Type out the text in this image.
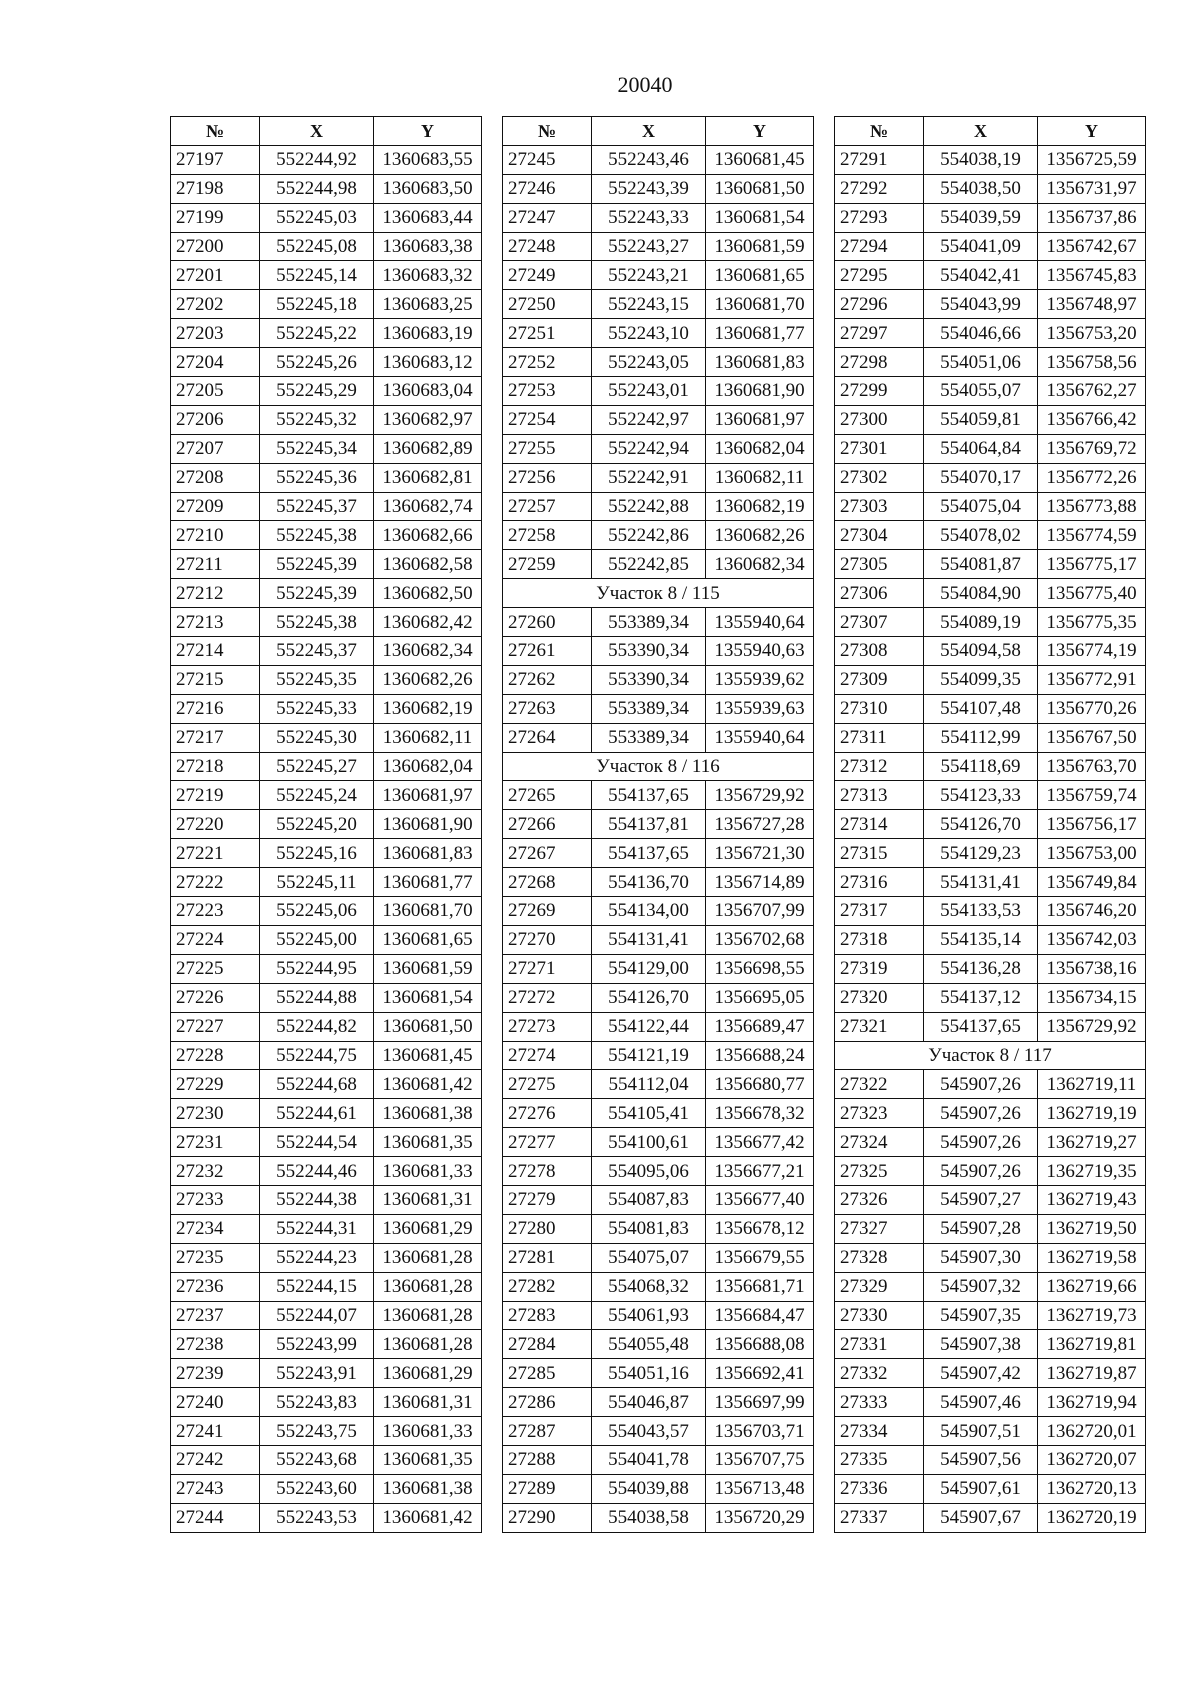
20040
№	X	Y
27197	552244,92	1360683,55
27198	552244,98	1360683,50
27199	552245,03	1360683,44
27200	552245,08	1360683,38
27201	552245,14	1360683,32
27202	552245,18	1360683,25
27203	552245,22	1360683,19
27204	552245,26	1360683,12
27205	552245,29	1360683,04
27206	552245,32	1360682,97
27207	552245,34	1360682,89
27208	552245,36	1360682,81
27209	552245,37	1360682,74
27210	552245,38	1360682,66
27211	552245,39	1360682,58
27212	552245,39	1360682,50
27213	552245,38	1360682,42
27214	552245,37	1360682,34
27215	552245,35	1360682,26
27216	552245,33	1360682,19
27217	552245,30	1360682,11
27218	552245,27	1360682,04
27219	552245,24	1360681,97
27220	552245,20	1360681,90
27221	552245,16	1360681,83
27222	552245,11	1360681,77
27223	552245,06	1360681,70
27224	552245,00	1360681,65
27225	552244,95	1360681,59
27226	552244,88	1360681,54
27227	552244,82	1360681,50
27228	552244,75	1360681,45
27229	552244,68	1360681,42
27230	552244,61	1360681,38
27231	552244,54	1360681,35
27232	552244,46	1360681,33
27233	552244,38	1360681,31
27234	552244,31	1360681,29
27235	552244,23	1360681,28
27236	552244,15	1360681,28
27237	552244,07	1360681,28
27238	552243,99	1360681,28
27239	552243,91	1360681,29
27240	552243,83	1360681,31
27241	552243,75	1360681,33
27242	552243,68	1360681,35
27243	552243,60	1360681,38
27244	552243,53	1360681,42
№	X	Y
27245	552243,46	1360681,45
27246	552243,39	1360681,50
27247	552243,33	1360681,54
27248	552243,27	1360681,59
27249	552243,21	1360681,65
27250	552243,15	1360681,70
27251	552243,10	1360681,77
27252	552243,05	1360681,83
27253	552243,01	1360681,90
27254	552242,97	1360681,97
27255	552242,94	1360682,04
27256	552242,91	1360682,11
27257	552242,88	1360682,19
27258	552242,86	1360682,26
27259	552242,85	1360682,34
Участок 8 / 115		
27260	553389,34	1355940,64
27261	553390,34	1355940,63
27262	553390,34	1355939,62
27263	553389,34	1355939,63
27264	553389,34	1355940,64
Участок 8 / 116		
27265	554137,65	1356729,92
27266	554137,81	1356727,28
27267	554137,65	1356721,30
27268	554136,70	1356714,89
27269	554134,00	1356707,99
27270	554131,41	1356702,68
27271	554129,00	1356698,55
27272	554126,70	1356695,05
27273	554122,44	1356689,47
27274	554121,19	1356688,24
27275	554112,04	1356680,77
27276	554105,41	1356678,32
27277	554100,61	1356677,42
27278	554095,06	1356677,21
27279	554087,83	1356677,40
27280	554081,83	1356678,12
27281	554075,07	1356679,55
27282	554068,32	1356681,71
27283	554061,93	1356684,47
27284	554055,48	1356688,08
27285	554051,16	1356692,41
27286	554046,87	1356697,99
27287	554043,57	1356703,71
27288	554041,78	1356707,75
27289	554039,88	1356713,48
27290	554038,58	1356720,29
№	X	Y
27291	554038,19	1356725,59
27292	554038,50	1356731,97
27293	554039,59	1356737,86
27294	554041,09	1356742,67
27295	554042,41	1356745,83
27296	554043,99	1356748,97
27297	554046,66	1356753,20
27298	554051,06	1356758,56
27299	554055,07	1356762,27
27300	554059,81	1356766,42
27301	554064,84	1356769,72
27302	554070,17	1356772,26
27303	554075,04	1356773,88
27304	554078,02	1356774,59
27305	554081,87	1356775,17
27306	554084,90	1356775,40
27307	554089,19	1356775,35
27308	554094,58	1356774,19
27309	554099,35	1356772,91
27310	554107,48	1356770,26
27311	554112,99	1356767,50
27312	554118,69	1356763,70
27313	554123,33	1356759,74
27314	554126,70	1356756,17
27315	554129,23	1356753,00
27316	554131,41	1356749,84
27317	554133,53	1356746,20
27318	554135,14	1356742,03
27319	554136,28	1356738,16
27320	554137,12	1356734,15
27321	554137,65	1356729,92
Участок 8 / 117		
27322	545907,26	1362719,11
27323	545907,26	1362719,19
27324	545907,26	1362719,27
27325	545907,26	1362719,35
27326	545907,27	1362719,43
27327	545907,28	1362719,50
27328	545907,30	1362719,58
27329	545907,32	1362719,66
27330	545907,35	1362719,73
27331	545907,38	1362719,81
27332	545907,42	1362719,87
27333	545907,46	1362719,94
27334	545907,51	1362720,01
27335	545907,56	1362720,07
27336	545907,61	1362720,13
27337	545907,67	1362720,19
